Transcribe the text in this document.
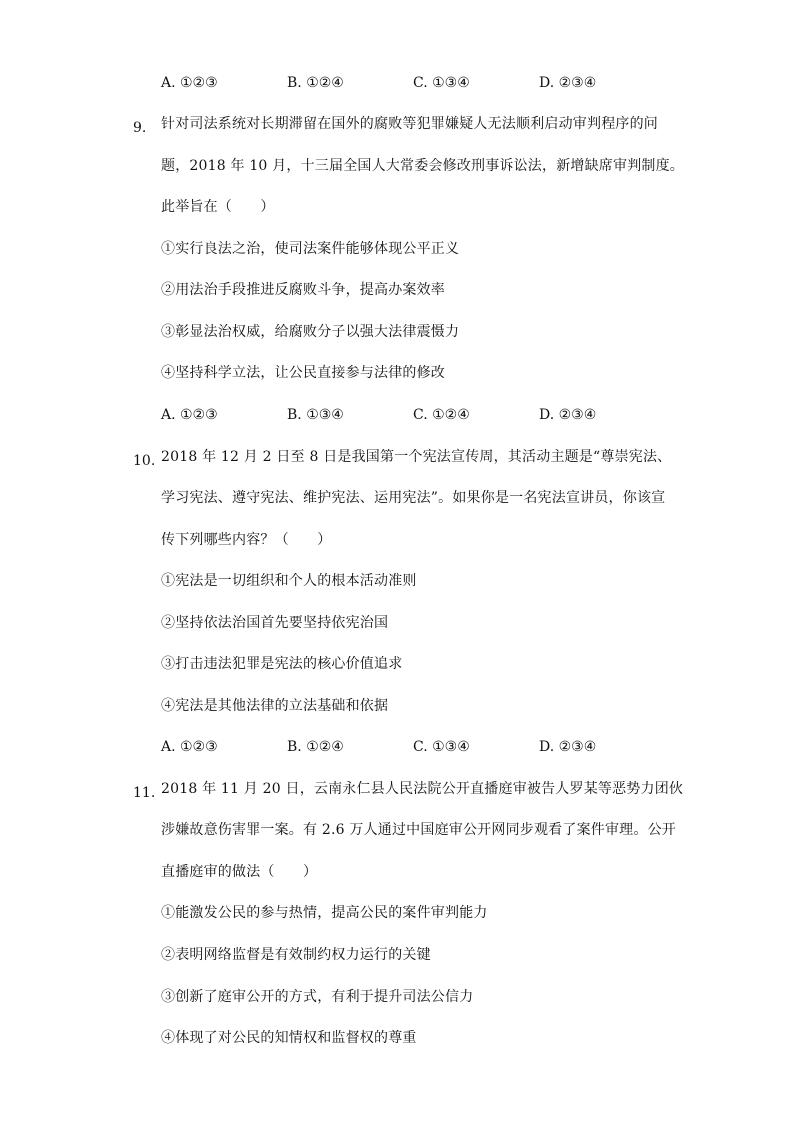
A. ①②③	B. ①②④	C. ①③④	D. ②③④
9. 针对司法系统对长期滞留在国外的腐败等犯罪嫌疑人无法顺利启动审判程序的问
题，2018 年 10 月，十三届全国人大常委会修改刑事诉讼法，新增缺席审判制度。
此举旨在（　　）
①实行良法之治，使司法案件能够体现公平正义
②用法治手段推进反腐败斗争，提高办案效率
③彰显法治权威，给腐败分子以强大法律震慑力
④坚持科学立法，让公民直接参与法律的修改
A. ①②③	B. ①③④	C. ①②④	D. ②③④
10. 2018 年 12 月 2 日至 8 日是我国第一个宪法宣传周，其活动主题是“尊崇宪法、
学习宪法、遵守宪法、维护宪法、运用宪法”。如果你是一名宪法宣讲员，你该宣
传下列哪些内容？（　　）
①宪法是一切组织和个人的根本活动准则
②坚持依法治国首先要坚持依宪治国
③打击违法犯罪是宪法的核心价值追求
④宪法是其他法律的立法基础和依据
A. ①②③	B. ①②④	C. ①③④	D. ②③④
11. 2018 年 11 月 20 日，云南永仁县人民法院公开直播庭审被告人罗某等恶势力团伙
涉嫌故意伤害罪一案。有 2.6 万人通过中国庭审公开网同步观看了案件审理。公开
直播庭审的做法（　　）
①能激发公民的参与热情，提高公民的案件审判能力
②表明网络监督是有效制约权力运行的关键
③创新了庭审公开的方式，有利于提升司法公信力
④体现了对公民的知情权和监督权的尊重
